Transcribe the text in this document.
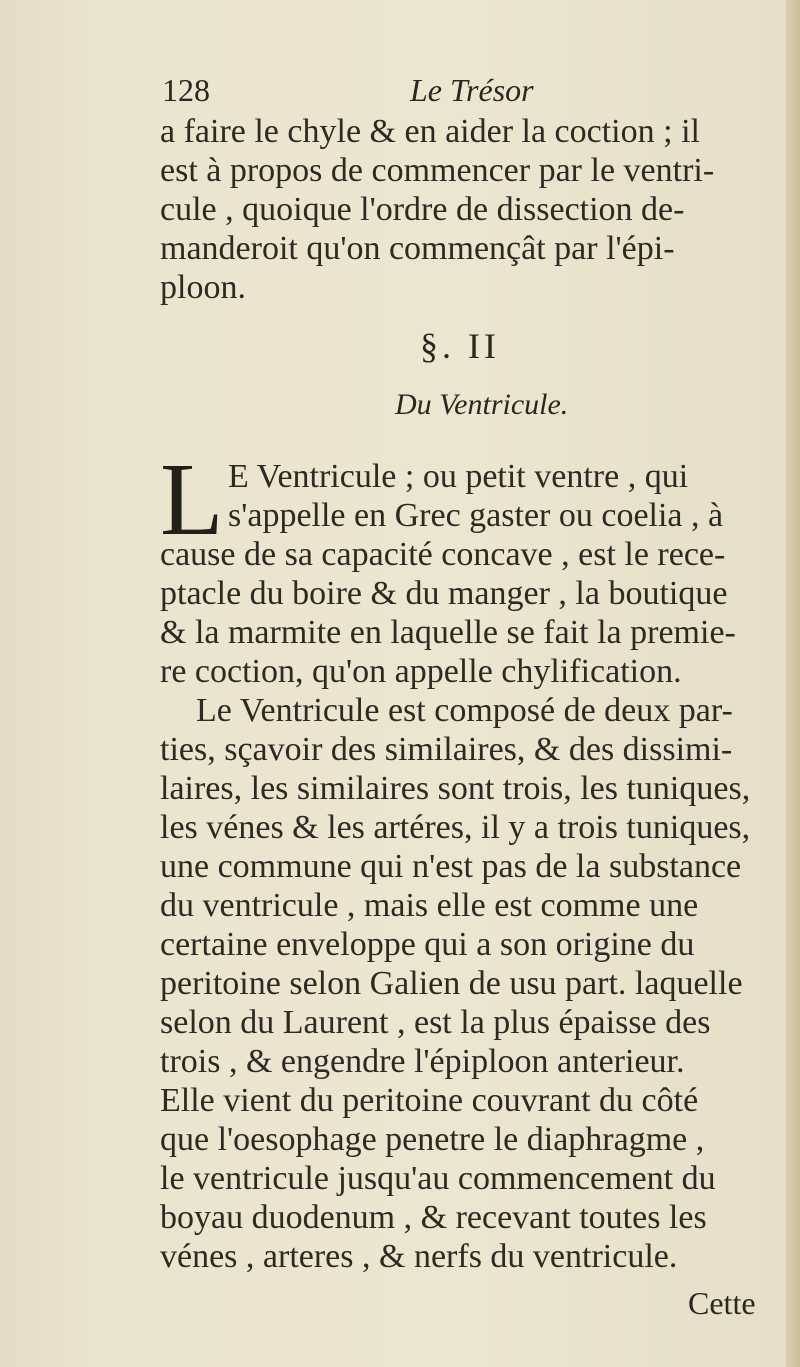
128	Le Trésor
a faire le chyle & en aider la coction ; il
est à propos de commencer par le ventri-
cule , quoique l'ordre de dissection de-
manderoit qu'on commençât par l'épi-
ploon.
§. II
Du Ventricule.
L E Ventricule ; ou petit ventre , qui
s'appelle en Grec gaster ou coelia , à
cause de sa capacité concave , est le rece-
ptacle du boire & du manger , la boutique
& la marmite en laquelle se fait la premie-
re coction, qu'on appelle chylification.
Le Ventricule est composé de deux par-
ties, sçavoir des similaires, & des dissimi-
laires, les similaires sont trois, les tuniques,
les vénes & les artéres, il y a trois tuniques,
une commune qui n'est pas de la substance
du ventricule , mais elle est comme une
certaine enveloppe qui a son origine du
peritoine selon Galien de usu part. laquelle
selon du Laurent , est la plus épaisse des
trois , & engendre l'épiploon anterieur.
Elle vient du peritoine couvrant du côté
que l'oesophage penetre le diaphragme ,
le ventricule jusqu'au commencement du
boyau duodenum , & recevant toutes les
vénes , arteres , & nerfs du ventricule.
Cette
